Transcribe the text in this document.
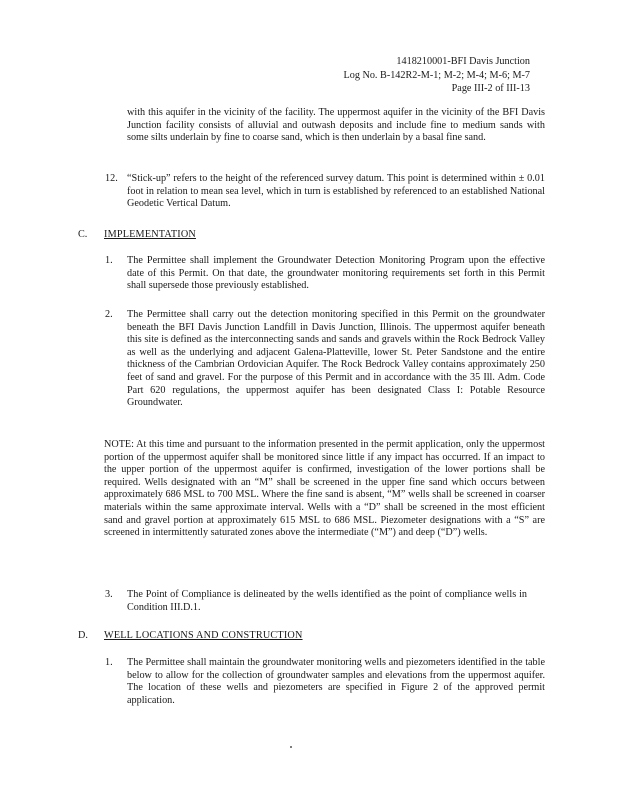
1418210001-BFI Davis Junction
Log No. B-142R2-M-1; M-2; M-4; M-6; M-7
Page III-2 of III-13
with this aquifer in the vicinity of the facility. The uppermost aquifer in the vicinity of the BFI Davis Junction facility consists of alluvial and outwash deposits and include fine to medium sands with some silts underlain by fine to coarse sand, which is then underlain by a basal fine sand.
12. “Stick-up” refers to the height of the referenced survey datum. This point is determined within ± 0.01 foot in relation to mean sea level, which in turn is established by referenced to an established National Geodetic Vertical Datum.
C. IMPLEMENTATION
1. The Permittee shall implement the Groundwater Detection Monitoring Program upon the effective date of this Permit. On that date, the groundwater monitoring requirements set forth in this Permit shall supersede those previously established.
2. The Permittee shall carry out the detection monitoring specified in this Permit on the groundwater beneath the BFI Davis Junction Landfill in Davis Junction, Illinois. The uppermost aquifer beneath this site is defined as the interconnecting sands and sands and gravels within the Rock Bedrock Valley as well as the underlying and adjacent Galena-Platteville, lower St. Peter Sandstone and the entire thickness of the Cambrian Ordovician Aquifer. The Rock Bedrock Valley contains approximately 250 feet of sand and gravel. For the purpose of this Permit and in accordance with the 35 Ill. Adm. Code Part 620 regulations, the uppermost aquifer has been designated Class I: Potable Resource Groundwater.
NOTE: At this time and pursuant to the information presented in the permit application, only the uppermost portion of the uppermost aquifer shall be monitored since little if any impact has occurred. If an impact to the upper portion of the uppermost aquifer is confirmed, investigation of the lower portions shall be required. Wells designated with an “M” shall be screened in the upper fine sand which occurs between approximately 686 MSL to 700 MSL. Where the fine sand is absent, “M” wells shall be screened in coarser materials within the same approximate interval. Wells with a “D” shall be screened in the most efficient sand and gravel portion at approximately 615 MSL to 686 MSL. Piezometer designations with a “S” are screened in intermittently saturated zones above the intermediate (“M”) and deep (“D”) wells.
3. The Point of Compliance is delineated by the wells identified as the point of compliance wells in Condition III.D.1.
D. WELL LOCATIONS AND CONSTRUCTION
1. The Permittee shall maintain the groundwater monitoring wells and piezometers identified in the table below to allow for the collection of groundwater samples and elevations from the uppermost aquifer. The location of these wells and piezometers are specified in Figure 2 of the approved permit application.
